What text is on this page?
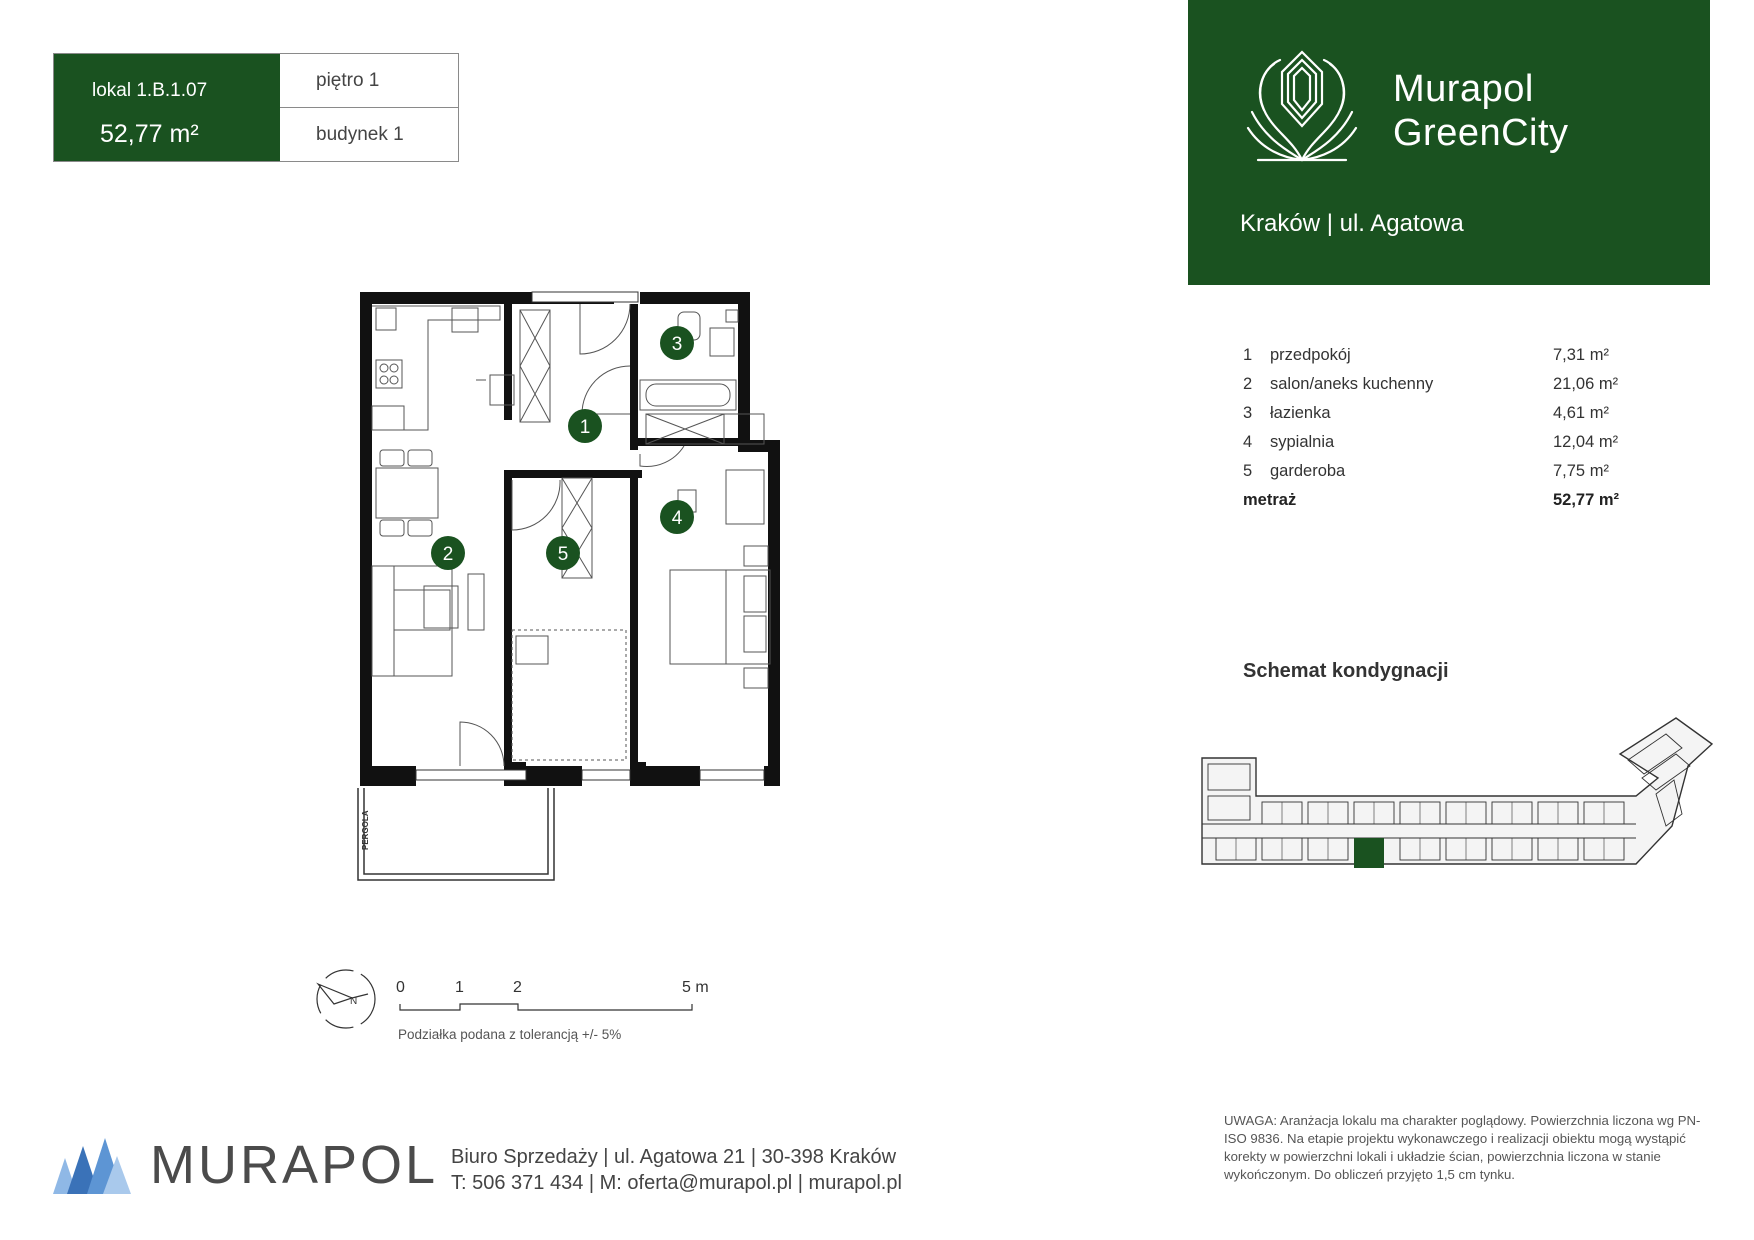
lokal 1.B.1.07
52,77 m²
piętro 1
budynek 1
Murapol
GreenCity
Kraków | ul. Agatowa
1 przedpokój	7,31 m²
2 salon/aneks kuchenny	21,06 m²
3 łazienka	4,61 m²
4 sypialnia	12,04 m²
5 garderoba	7,75 m²
metraż	52,77 m²
Schemat kondygnacji
PERGOLA
1
2
3
4
5
N
0	1	2	5 m
Podziałka podana z tolerancją +/- 5%
UWAGA: Aranżacja lokalu ma charakter poglądowy. Powierzchnia liczona wg PN-ISO 9836. Na etapie projektu wykonawczego i realizacji obiektu mogą wystąpić korekty w powierzchni lokali i układzie ścian, powierzchnia liczona w stanie wykończonym. Do obliczeń przyjęto 1,5 cm tynku.
MURAPOL Biuro Sprzedaży | ul. Agatowa 21 | 30-398 Kraków
T: 506 371 434 | M: oferta@murapol.pl | murapol.pl
